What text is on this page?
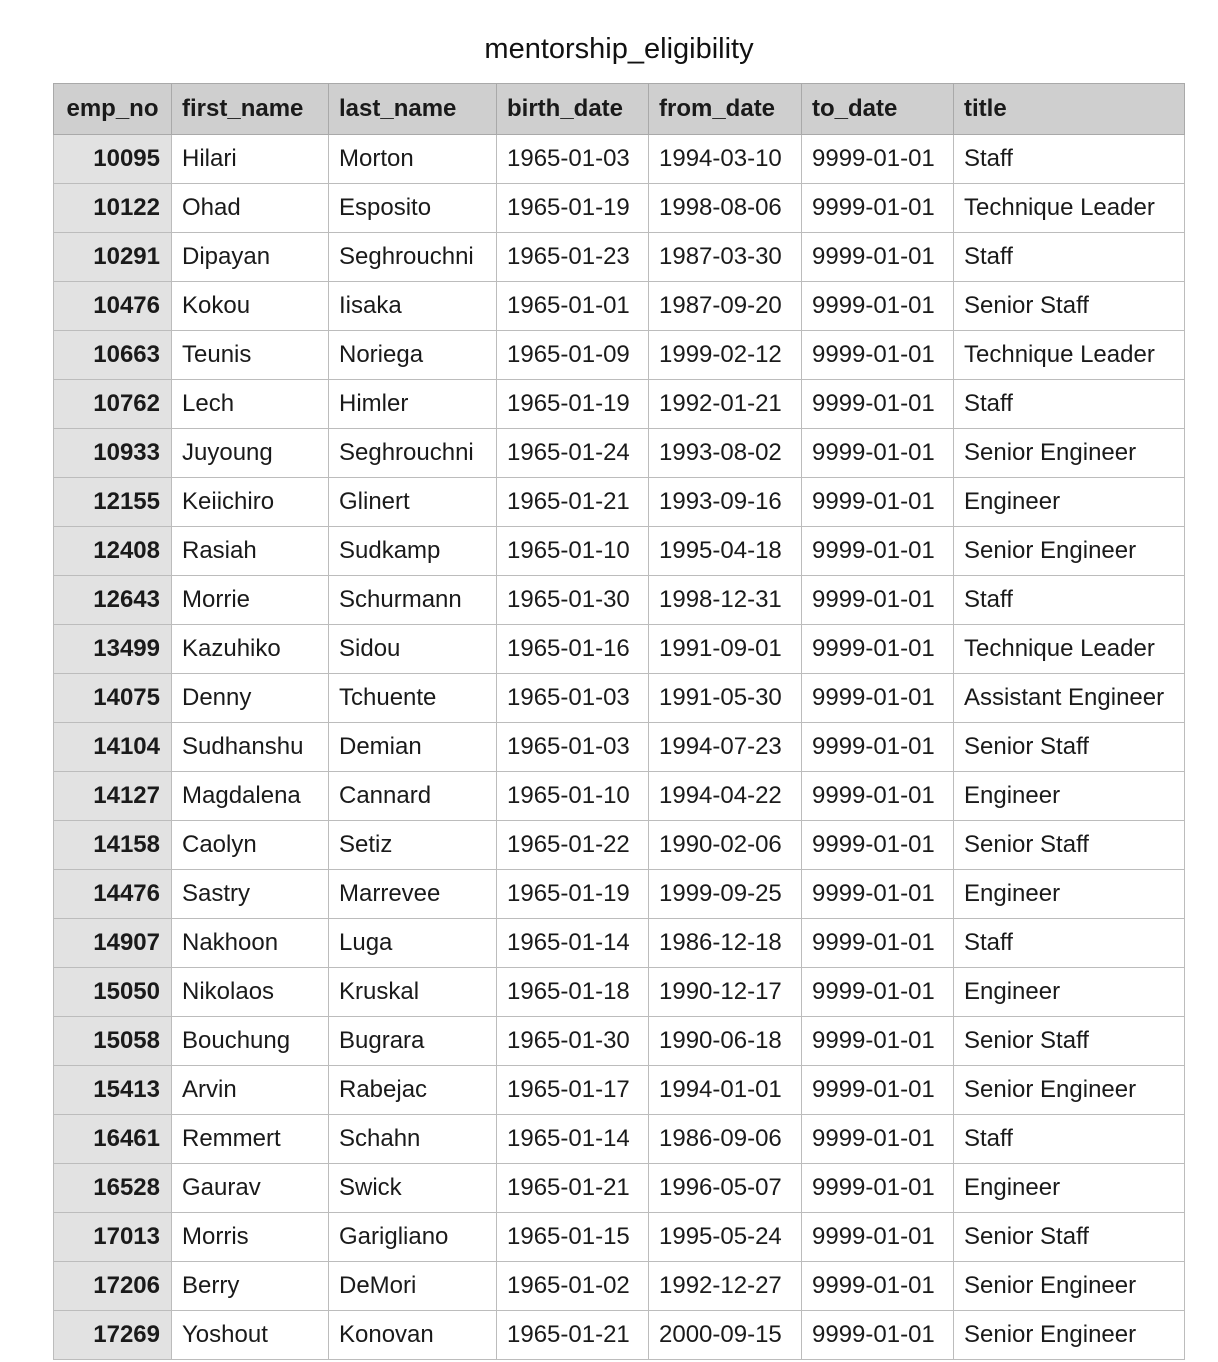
mentorship_eligibility
emp_no	first_name	last_name	birth_date	from_date	to_date	title
10095	Hilari	Morton	1965-01-03	1994-03-10	9999-01-01	Staff
10122	Ohad	Esposito	1965-01-19	1998-08-06	9999-01-01	Technique Leader
10291	Dipayan	Seghrouchni	1965-01-23	1987-03-30	9999-01-01	Staff
10476	Kokou	Iisaka	1965-01-01	1987-09-20	9999-01-01	Senior Staff
10663	Teunis	Noriega	1965-01-09	1999-02-12	9999-01-01	Technique Leader
10762	Lech	Himler	1965-01-19	1992-01-21	9999-01-01	Staff
10933	Juyoung	Seghrouchni	1965-01-24	1993-08-02	9999-01-01	Senior Engineer
12155	Keiichiro	Glinert	1965-01-21	1993-09-16	9999-01-01	Engineer
12408	Rasiah	Sudkamp	1965-01-10	1995-04-18	9999-01-01	Senior Engineer
12643	Morrie	Schurmann	1965-01-30	1998-12-31	9999-01-01	Staff
13499	Kazuhiko	Sidou	1965-01-16	1991-09-01	9999-01-01	Technique Leader
14075	Denny	Tchuente	1965-01-03	1991-05-30	9999-01-01	Assistant Engineer
14104	Sudhanshu	Demian	1965-01-03	1994-07-23	9999-01-01	Senior Staff
14127	Magdalena	Cannard	1965-01-10	1994-04-22	9999-01-01	Engineer
14158	Caolyn	Setiz	1965-01-22	1990-02-06	9999-01-01	Senior Staff
14476	Sastry	Marrevee	1965-01-19	1999-09-25	9999-01-01	Engineer
14907	Nakhoon	Luga	1965-01-14	1986-12-18	9999-01-01	Staff
15050	Nikolaos	Kruskal	1965-01-18	1990-12-17	9999-01-01	Engineer
15058	Bouchung	Bugrara	1965-01-30	1990-06-18	9999-01-01	Senior Staff
15413	Arvin	Rabejac	1965-01-17	1994-01-01	9999-01-01	Senior Engineer
16461	Remmert	Schahn	1965-01-14	1986-09-06	9999-01-01	Staff
16528	Gaurav	Swick	1965-01-21	1996-05-07	9999-01-01	Engineer
17013	Morris	Garigliano	1965-01-15	1995-05-24	9999-01-01	Senior Staff
17206	Berry	DeMori	1965-01-02	1992-12-27	9999-01-01	Senior Engineer
17269	Yoshout	Konovan	1965-01-21	2000-09-15	9999-01-01	Senior Engineer
